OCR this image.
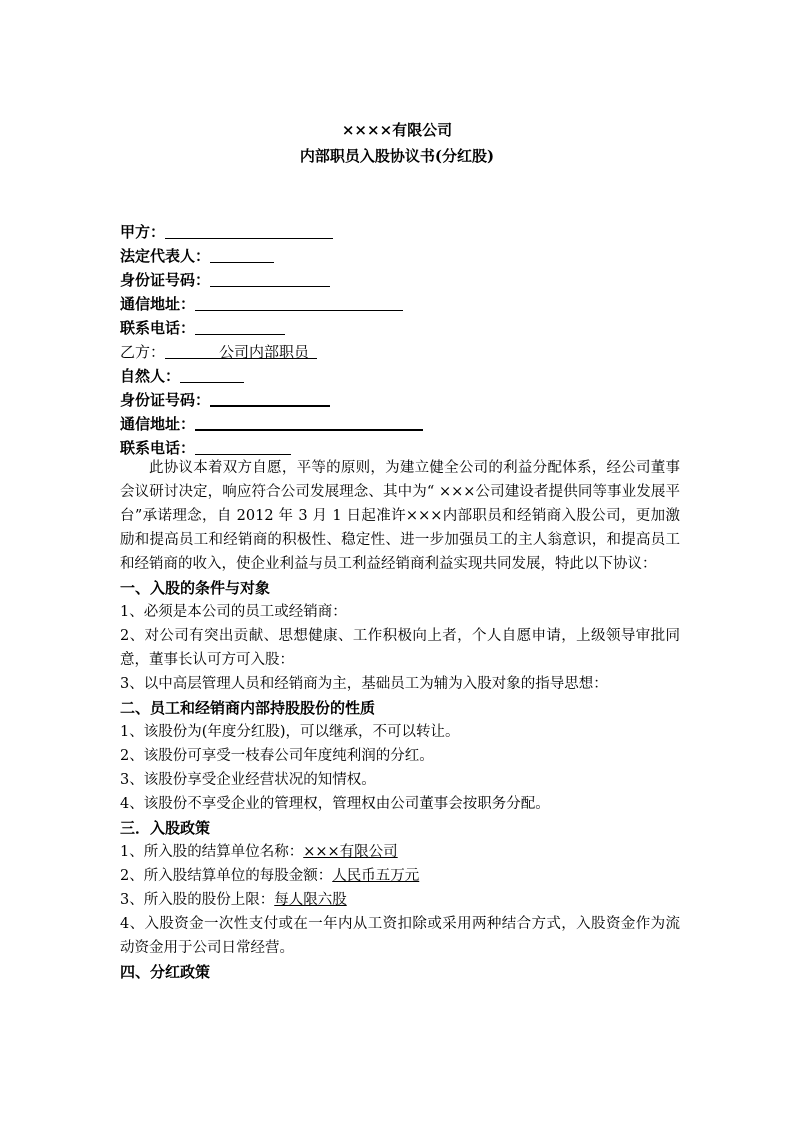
××××有限公司
内部职员入股协议书(分红股)
甲方：
法定代表人：
身份证号码：
通信地址：
联系电话：
乙方：	公司内部职员
自然人：
身份证号码：
通信地址：
联系电话：

此协议本着双方自愿，平等的原则，为建立健全公司的利益分配体系，经公司董事会议研讨决定，响应符合公司发展理念、其中为“ ×××公司建设者提供同等事业发展平台”承诺理念，自 2012 年 3 月 1 日起准许×××内部职员和经销商入股公司，更加激励和提高员工和经销商的积极性、稳定性、进一步加强员工的主人翁意识，和提高员工和经销商的收入，使企业利益与员工利益经销商利益实现共同发展，特此以下协议：

一、入股的条件与对象
1、必须是本公司的员工或经销商：

2、对公司有突出贡献、思想健康、工作积极向上者，个人自愿申请，上级领导审批同意，董事长认可方可入股：

3、以中高层管理人员和经销商为主，基础员工为辅为入股对象的指导思想：
二、员工和经销商内部持股股份的性质
1、该股份为(年度分红股)，可以继承，不可以转让。
2、该股份可享受一枝春公司年度纯利润的分红。
3、该股份享受企业经营状况的知情权。
4、该股份不享受企业的管理权，管理权由公司董事会按职务分配。
三．入股政策
1、所入股的结算单位名称：×××有限公司
2、所入股结算单位的每股金额：人民币五万元
3、所入股的股份上限：每人限六股

4、入股资金一次性支付或在一年内从工资扣除或采用两种结合方式，入股资金作为流动资金用于公司日常经营。

四、分红政策
